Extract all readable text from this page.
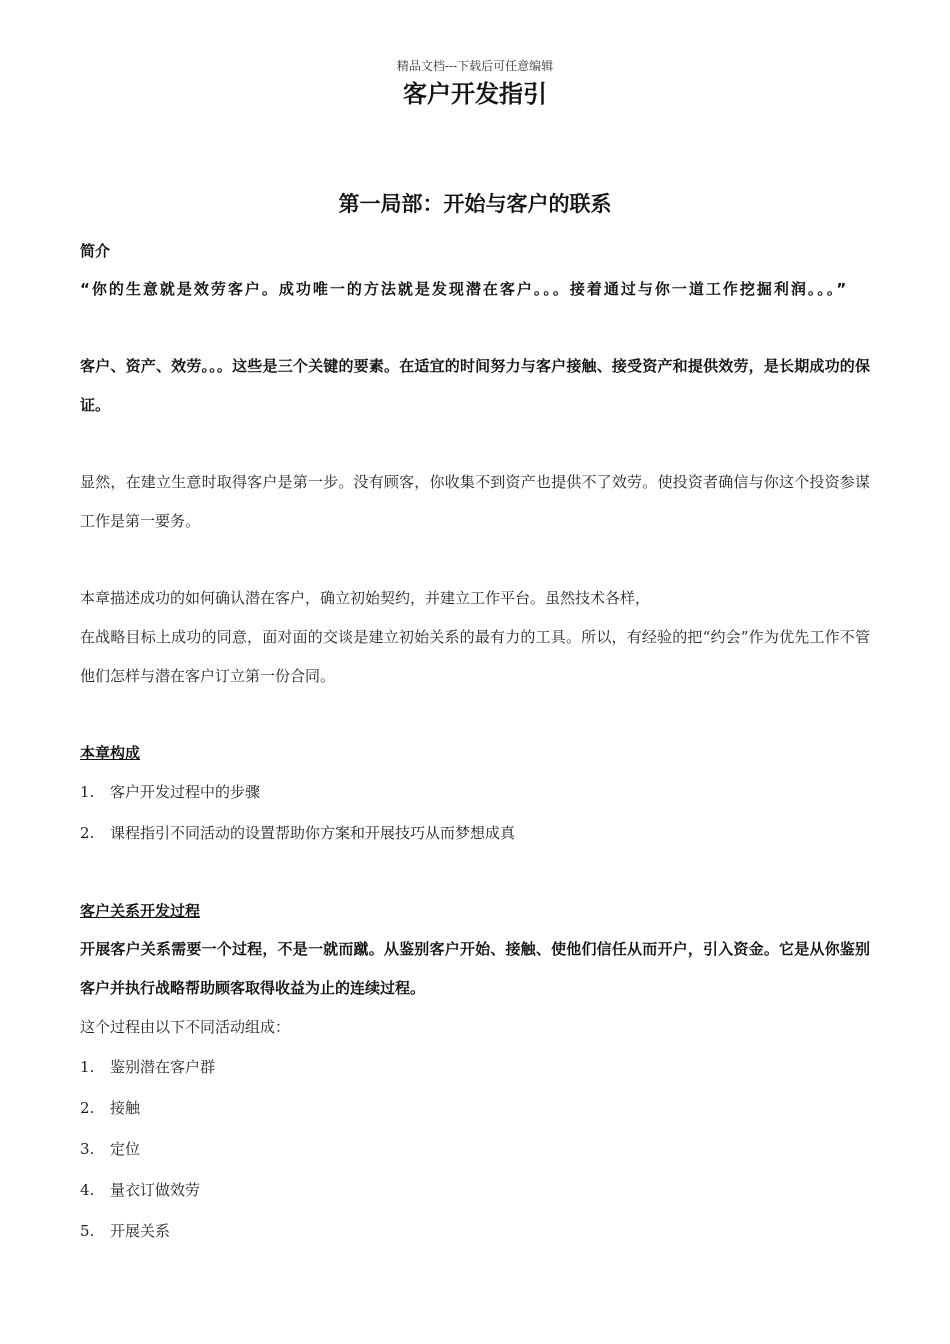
精品文档---下载后可任意编辑
客户开发指引
第一局部：开始与客户的联系
简介

“你的生意就是效劳客户。成功唯一的方法就是发现潜在客户。。。接着通过与你一道工作挖掘利润。。。”

客户、资产、效劳。。。这些是三个关键的要素。在适宜的时间努力与客户接触、接受资产和提供效劳，是长期成功的保证。

显然，在建立生意时取得客户是第一步。没有顾客，你收集不到资产也提供不了效劳。使投资者确信与你这个投资参谋工作是第一要务。

本章描述成功的如何确认潜在客户，确立初始契约，并建立工作平台。虽然技术各样，

在战略目标上成功的同意，面对面的交谈是建立初始关系的最有力的工具。所以，有经验的把“约会”作为优先工作不管他们怎样与潜在客户订立第一份合同。

本章构成
1.	客户开发过程中的步骤
2.	课程指引不同活动的设置帮助你方案和开展技巧从而梦想成真
客户关系开发过程

开展客户关系需要一个过程，不是一就而蹴。从鉴别客户开始、接触、使他们信任从而开户，引入资金。它是从你鉴别客户并执行战略帮助顾客取得收益为止的连续过程。

这个过程由以下不同活动组成：

1.	鉴别潜在客户群
2.	接触
3.	定位
4.	量衣订做效劳
5.	开展关系
